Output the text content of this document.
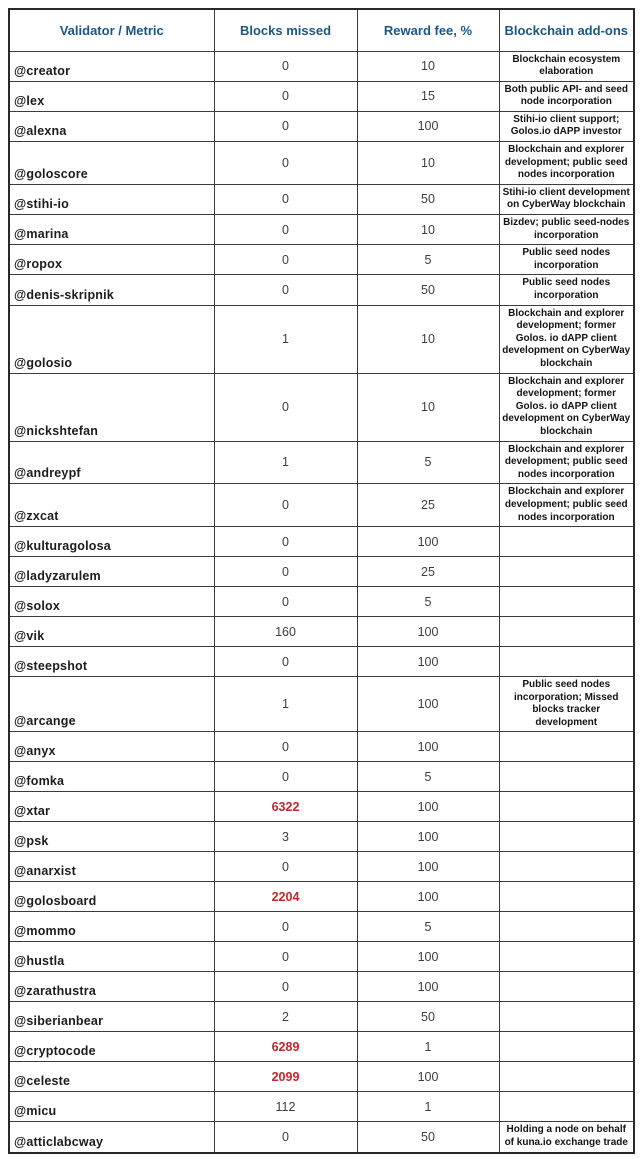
Validator / Metric	Blocks missed	Reward fee, %	Blockchain add-ons
@creator	0	10	Blockchain ecosystem elaboration
@lex	0	15	Both public API- and seed node incorporation
@alexna	0	100	Stihi-io client support; Golos.io dAPP investor
@goloscore	0	10	Blockchain and explorer development; public seed nodes incorporation
@stihi-io	0	50	Stihi-io client development on CyberWay blockchain
@marina	0	10	Bizdev; public seed-nodes incorporation
@ropox	0	5	Public seed nodes incorporation
@denis-skripnik	0	50	Public seed nodes incorporation
@golosio	1	10	Blockchain and explorer development; former Golos. io dAPP client development on CyberWay blockchain
@nickshtefan	0	10	Blockchain and explorer development; former Golos. io dAPP client development on CyberWay blockchain
@andreypf	1	5	Blockchain and explorer development; public seed nodes incorporation
@zxcat	0	25	Blockchain and explorer development; public seed nodes incorporation
@kulturagolosa	0	100	
@ladyzarulem	0	25	
@solox	0	5	
@vik	160	100	
@steepshot	0	100	
@arcange	1	100	Public seed nodes incorporation; Missed blocks tracker development
@anyx	0	100	
@fomka	0	5	
@xtar	6322	100	
@psk	3	100	
@anarxist	0	100	
@golosboard	2204	100	
@mommo	0	5	
@hustla	0	100	
@zarathustra	0	100	
@siberianbear	2	50	
@cryptocode	6289	1	
@celeste	2099	100	
@micu	112	1	
@atticlabcway	0	50	Holding a node on behalf of kuna.io exchange trade
